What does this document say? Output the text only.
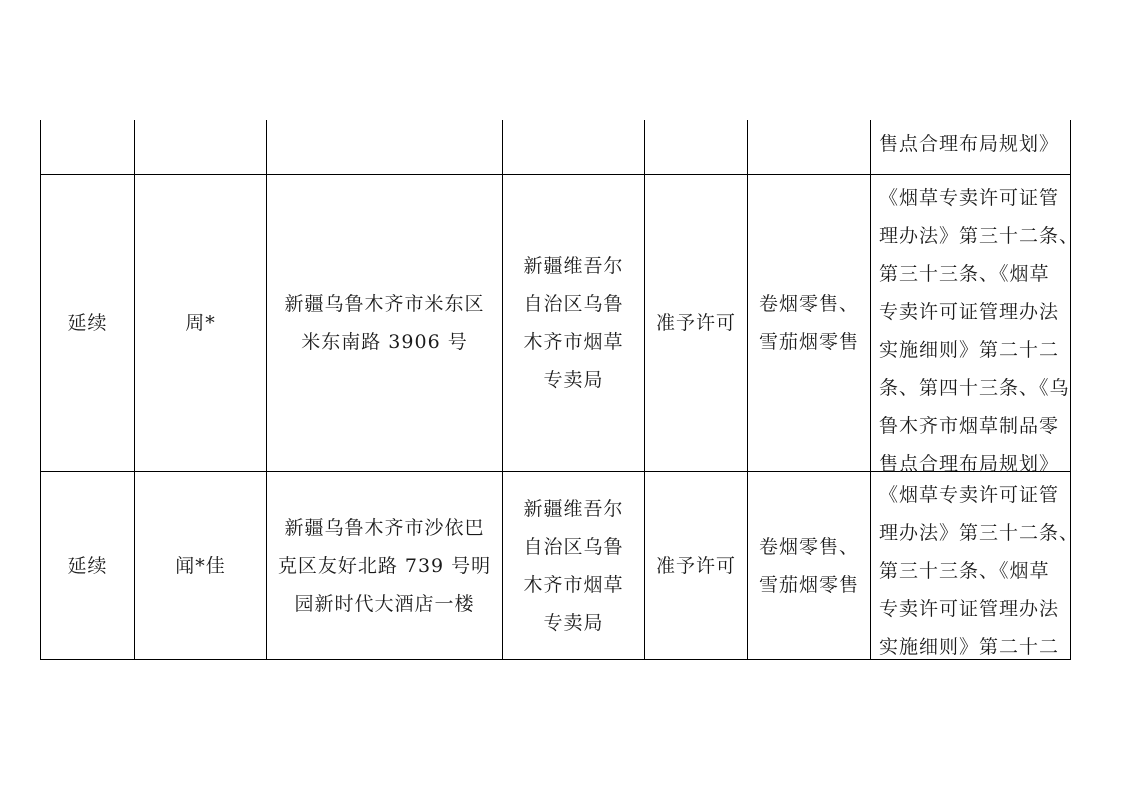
售点合理布局规划》
延续	周*
新疆乌鲁木齐市米东区
米东南路 3906 号
新疆维吾尔
自治区乌鲁
木齐市烟草
专卖局
准予许可
卷烟零售、
雪茄烟零售
《烟草专卖许可证管
理办法》第三十二条、
第三十三条、《烟草
专卖许可证管理办法
实施细则》第二十二
条、第四十三条、《乌
鲁木齐市烟草制品零
售点合理布局规划》
延续	闻*佳
新疆乌鲁木齐市沙依巴
克区友好北路 739 号明
园新时代大酒店一楼
新疆维吾尔
自治区乌鲁
木齐市烟草
专卖局
准予许可
卷烟零售、
雪茄烟零售
《烟草专卖许可证管
理办法》第三十二条、
第三十三条、《烟草
专卖许可证管理办法
实施细则》第二十二
